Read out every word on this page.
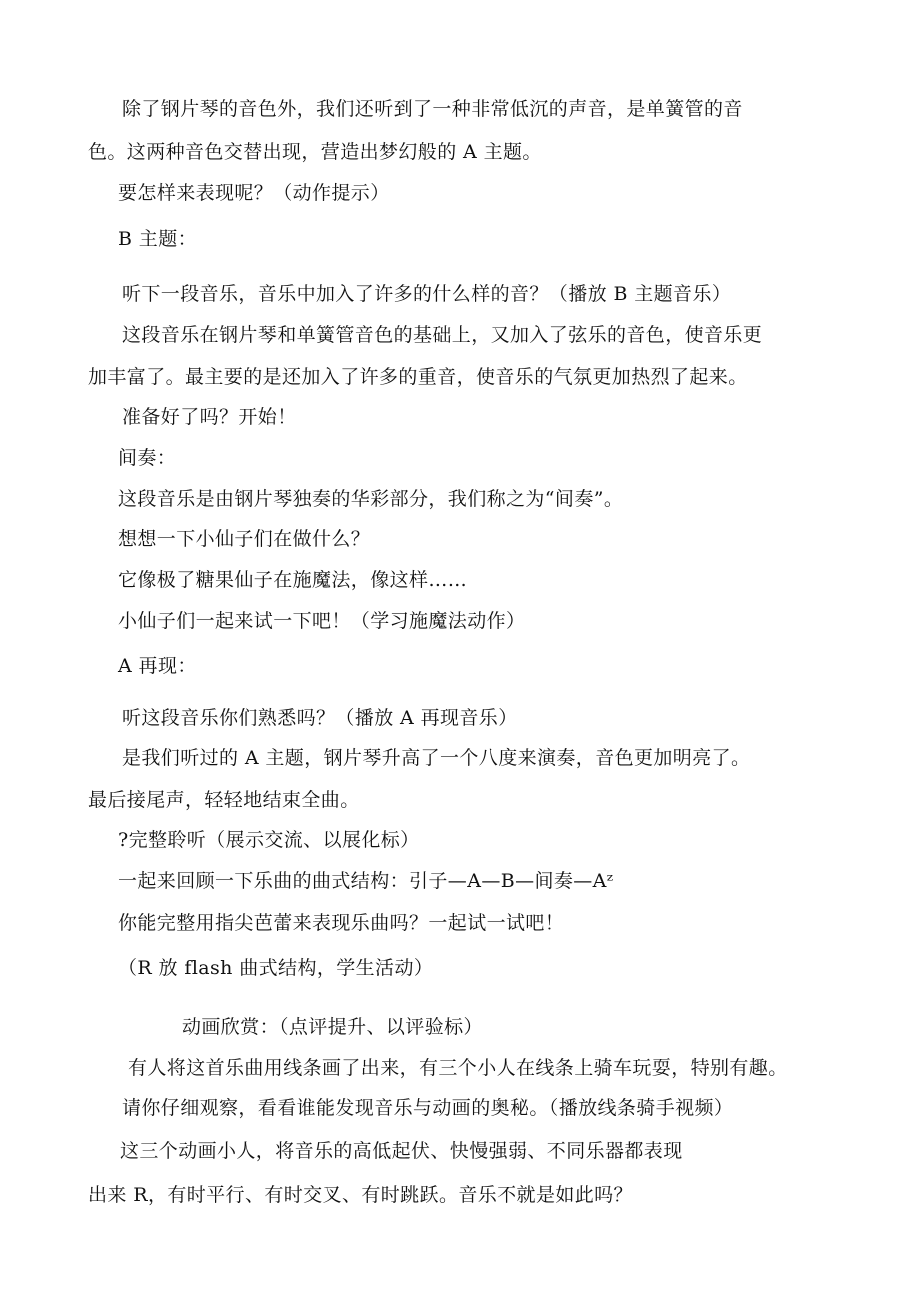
除了钢片琴的音色外，我们还听到了一种非常低沉的声音，是单簧管的音
色。这两种音色交替出现，营造出梦幻般的 A 主题。
要怎样来表现呢？（动作提示）
B 主题：
听下一段音乐，音乐中加入了许多的什么样的音？（播放 B 主题音乐）
这段音乐在钢片琴和单簧管音色的基础上，又加入了弦乐的音色，使音乐更
加丰富了。最主要的是还加入了许多的重音，使音乐的气氛更加热烈了起来。
准备好了吗？开始！
间奏：
这段音乐是由钢片琴独奏的华彩部分，我们称之为“间奏”。
想想一下小仙子们在做什么？
它像极了糖果仙子在施魔法，像这样……
小仙子们一起来试一下吧！（学习施魔法动作）
A 再现：
听这段音乐你们熟悉吗？（播放 A 再现音乐）
是我们听过的 A 主题，钢片琴升高了一个八度来演奏，音色更加明亮了。
最后接尾声，轻轻地结束全曲。
?完整聆听（展示交流、以展化标）
一起来回顾一下乐曲的曲式结构：引子—A—B—间奏—Aᶻ
你能完整用指尖芭蕾来表现乐曲吗？一起试一试吧！
（R 放 flash 曲式结构，学生活动）
动画欣赏：（点评提升、以评验标）
有人将这首乐曲用线条画了出来，有三个小人在线条上骑车玩耍，特别有趣。
请你仔细观察，看看谁能发现音乐与动画的奥秘。（播放线条骑手视频）
这三个动画小人，将音乐的高低起伏、快慢强弱、不同乐器都表现
出来 R，有时平行、有时交叉、有时跳跃。音乐不就是如此吗？
